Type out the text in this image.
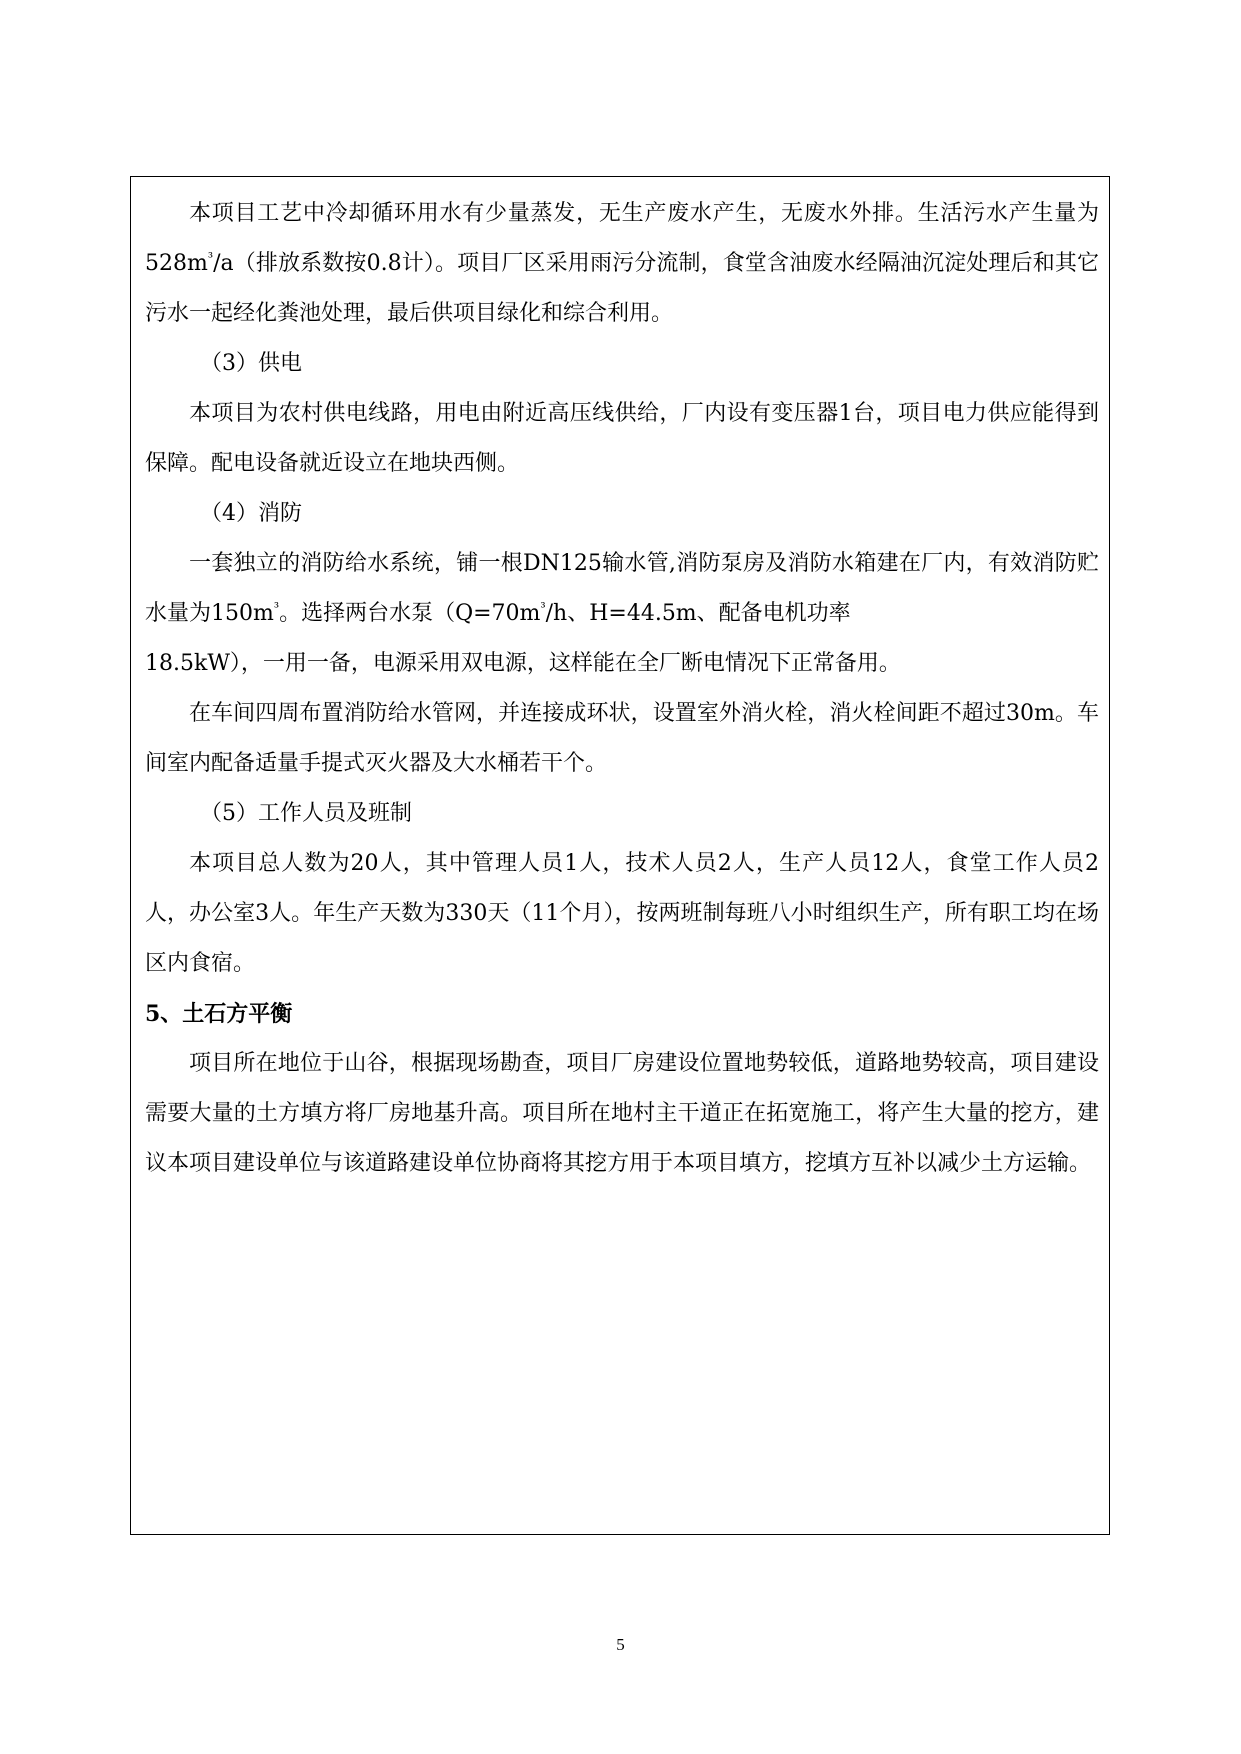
本项目工艺中冷却循环用水有少量蒸发，无生产废水产生，无废水外排。生活污水产生量为$528m^{^3}/a$（排放系数按0.8计）。项目厂区采用雨污分流制，食堂含油废水经隔油沉淀处理后和其它污水一起经化粪池处理，最后供项目绿化和综合利用。

（3）供电

本项目为农村供电线路，用电由附近高压线供给，厂内设有变压器1台，项目电力供应能得到保障。配电设备就近设立在地块西侧。

（4）消防

一套独立的消防给水系统，铺一根DN125输水管,消防泵房及消防水箱建在厂内，有效消防贮水量为$150m^{^3}$。选择两台水泵（$Q=70m^{^3}/h$、H=44.5m、配备电机功率
18.5kW），一用一备，电源采用双电源，这样能在全厂断电情况下正常备用。

在车间四周布置消防给水管网，并连接成环状，设置室外消火栓，消火栓间距不超过30m。车间室内配备适量手提式灭火器及大水桶若干个。

（5）工作人员及班制

本项目总人数为20人，其中管理人员1人，技术人员2人，生产人员12人，食堂工作人员2人，办公室3人。年生产天数为330天（11个月），按两班制每班八小时组织生产，所有职工均在场区内食宿。

5、土石方平衡

项目所在地位于山谷，根据现场勘查，项目厂房建设位置地势较低，道路地势较高，项目建设需要大量的土方填方将厂房地基升高。项目所在地村主干道正在拓宽施工，将产生大量的挖方，建议本项目建设单位与该道路建设单位协商将其挖方用于本项目填方，挖填方互补以减少土方运输。

5
